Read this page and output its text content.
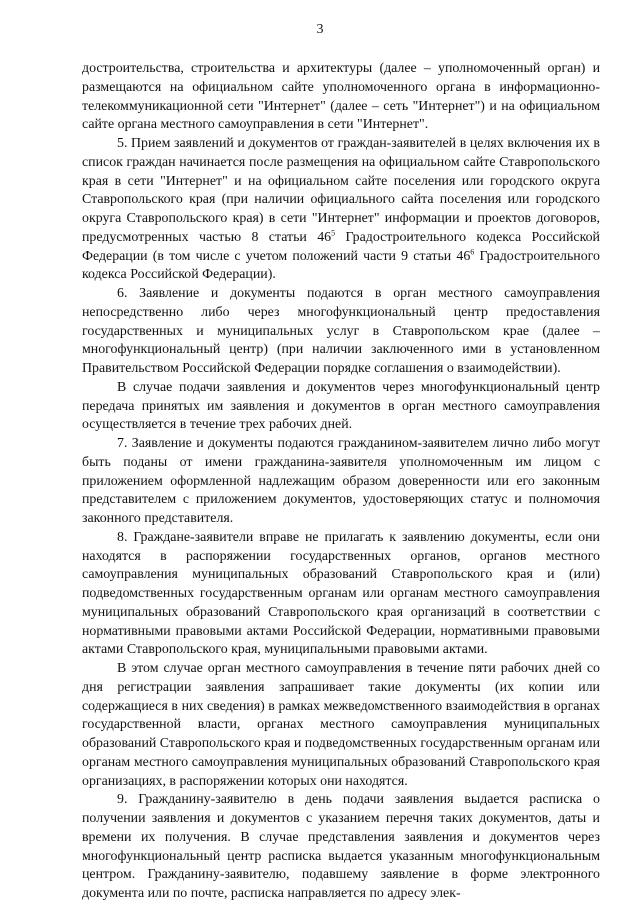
3

достроительства, строительства и архитектуры (далее – уполномоченный орган) и размещаются на официальном сайте уполномоченного органа в информационно-телекоммуникационной сети "Интернет" (далее – сеть "Интернет") и на официальном сайте органа местного самоуправления в сети "Интернет".

5. Прием заявлений и документов от граждан-заявителей в целях включения их в список граждан начинается после размещения на официальном сайте Ставропольского края в сети "Интернет" и на официальном сайте поселения или городского округа Ставропольского края (при наличии официального сайта поселения или городского округа Ставропольского края) в сети "Интернет" информации и проектов договоров, предусмотренных частью 8 статьи $46^5$ Градостроительного кодекса Российской Федерации (в том числе с учетом положений части 9 статьи $46^6$ Градостроительного кодекса Российской Федерации).

6. Заявление и документы подаются в орган местного самоуправления непосредственно либо через многофункциональный центр предоставления государственных и муниципальных услуг в Ставропольском крае (далее – многофункциональный центр) (при наличии заключенного ими в установленном Правительством Российской Федерации порядке соглашения о взаимодействии).

В случае подачи заявления и документов через многофункциональный центр передача принятых им заявления и документов в орган местного самоуправления осуществляется в течение трех рабочих дней.

7. Заявление и документы подаются гражданином-заявителем лично либо могут быть поданы от имени гражданина-заявителя уполномоченным им лицом с приложением оформленной надлежащим образом доверенности или его законным представителем с приложением документов, удостоверяющих статус и полномочия законного представителя.

8. Граждане-заявители вправе не прилагать к заявлению документы, если они находятся в распоряжении государственных органов, органов местного самоуправления муниципальных образований Ставропольского края и (или) подведомственных государственным органам или органам местного самоуправления муниципальных образований Ставропольского края организаций в соответствии с нормативными правовыми актами Российской Федерации, нормативными правовыми актами Ставропольского края, муниципальными правовыми актами.

В этом случае орган местного самоуправления в течение пяти рабочих дней со дня регистрации заявления запрашивает такие документы (их копии или содержащиеся в них сведения) в рамках межведомственного взаимодействия в органах государственной власти, органах местного самоуправления муниципальных образований Ставропольского края и подведомственных государственным органам или органам местного самоуправления муниципальных образований Ставропольского края организациях, в распоряжении которых они находятся.

9. Гражданину-заявителю в день подачи заявления выдается расписка о получении заявления и документов с указанием перечня таких документов, даты и времени их получения. В случае представления заявления и документов через многофункциональный центр расписка выдается указанным многофункциональным центром. Гражданину-заявителю, подавшему заявление в форме электронного документа или по почте, расписка направляется по адресу элек-
